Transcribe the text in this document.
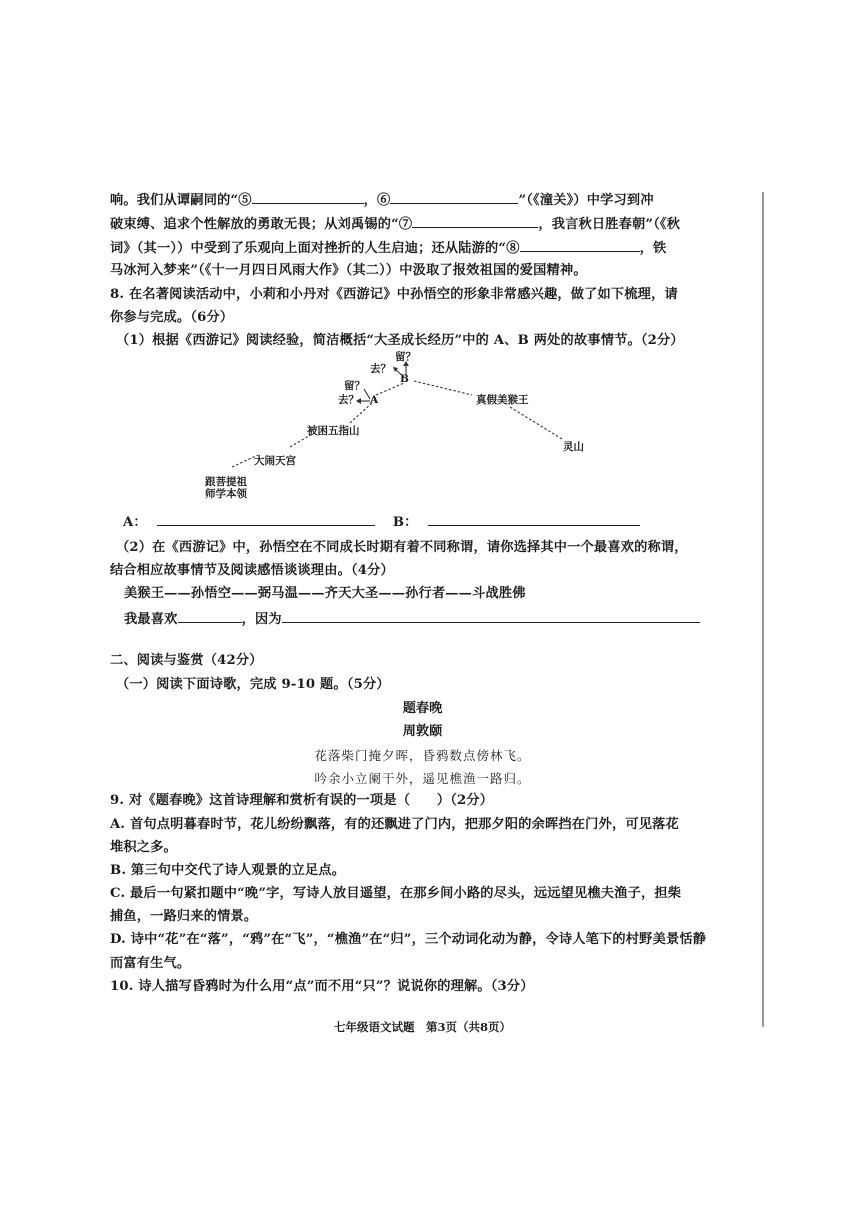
响。我们从谭嗣同的“⑤	，⑥	”（《潼关》）中学习到冲
破束缚、追求个性解放的勇敢无畏；从刘禹锡的“⑦	，我言秋日胜春朝”（《秋
词》（其一））中受到了乐观向上面对挫折的人生启迪；还从陆游的“⑧	，铁
马冰河入梦来”（《十一月四日风雨大作》（其二））中汲取了报效祖国的爱国精神。
8. 在名著阅读活动中，小莉和小丹对《西游记》中孙悟空的形象非常感兴趣，做了如下梳理，请
你参与完成。（6分）
（1）根据《西游记》阅读经验，简洁概括“大圣成长经历”中的 A、B 两处的故事情节。（2分）
跟菩提祖
师学本领
大闹天宫
被困五指山
留？
去？ A
留？
去？
B
真假美猴王
灵山
A：	B：
（2）在《西游记》中，孙悟空在不同成长时期有着不同称谓，请你选择其中一个最喜欢的称谓，
结合相应故事情节及阅读感悟谈谈理由。（4分）
美猴王——孙悟空——弼马温——齐天大圣——孙行者——斗战胜佛
我最喜欢	，因为
二、阅读与鉴赏（42分）
（一）阅读下面诗歌，完成 9-10 题。（5分）
题春晚
周敦颐
花落柴门掩夕晖，昏鸦数点傍林飞。
吟余小立阑干外，遥见樵渔一路归。
9. 对《题春晚》这首诗理解和赏析有误的一项是（　　）（2分）
A. 首句点明暮春时节，花儿纷纷飘落，有的还飘进了门内，把那夕阳的余晖挡在门外，可见落花
堆积之多。
B. 第三句中交代了诗人观景的立足点。
C. 最后一句紧扣题中“晚”字，写诗人放目遥望，在那乡间小路的尽头，远远望见樵夫渔子，担柴
捕鱼，一路归来的情景。
D. 诗中“花”在“落”，“鸦”在“飞”，“樵渔”在“归”，三个动词化动为静，令诗人笔下的村野美景恬静
而富有生气。
10. 诗人描写昏鸦时为什么用“点”而不用“只”？说说你的理解。（3分）
七年级语文试题　第3页（共8页）
